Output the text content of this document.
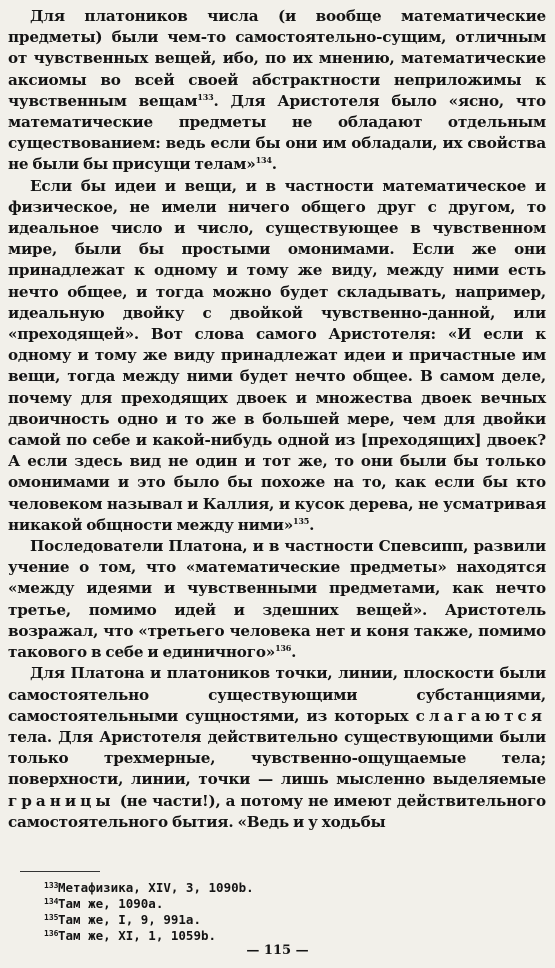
Для платоников числа (и вообще математические предметы) были чем-то самостоятельно-сущим, отличным от чувственных вещей, ибо, по их мнению, математические аксиомы во всей своей абстрактности неприложимы к чувственным вещам$^{133}$. Для Аристотеля было «ясно, что математические предметы не обладают отдельным существованием: ведь если бы они им обладали, их свойства не были бы присущи телам»$^{134}$.

Если бы идеи и вещи, и в частности математическое и физическое, не имели ничего общего друг с другом, то идеальное число и число, существующее в чувственном мире, были бы простыми омонимами. Если же они принадлежат к одному и тому же виду, между ними есть нечто общее, и тогда можно будет складывать, например, идеальную двойку с двойкой чувственно-данной, или «преходящей». Вот слова самого Аристотеля: «И если к одному и тому же виду принадлежат идеи и причастные им вещи, тогда между ними будет нечто общее. В самом деле, почему для преходящих двоек и множества двоек вечных двоичность одно и то же в большей мере, чем для двойки самой по себе и какой-нибудь одной из [преходящих] двоек? А если здесь вид не один и тот же, то они были бы только омонимами и это было бы похоже на то, как если бы кто человеком называл и Каллия, и кусок дерева, не усматривая никакой общности между ними»$^{135}$.

Последователи Платона, и в частности Спевсипп, развили учение о том, что «математические предметы» находятся «между идеями и чувственными предметами, как нечто третье, помимо идей и здешних вещей». Аристотель возражал, что «третьего человека нет и коня также, помимо такового в себе и единичного»$^{136}$.

Для Платона и платоников точки, линии, плоскости были самостоятельно существующими субстанциями, самостоятельными сущностями, из которых слагаются тела. Для Аристотеля действительно существующими были только трехмерные, чувственно-ощущаемые тела; поверхности, линии, точки — лишь мысленно выделяемые границы (не части!), а потому не имеют действительного самостоятельного бытия. «Ведь и у ходьбы

133Метафизика, XIV, 3, 1090b.
134Там же, 1090a.
135Там же, I, 9, 991a.
136Там же, XI, 1, 1059b.
— 115 —
